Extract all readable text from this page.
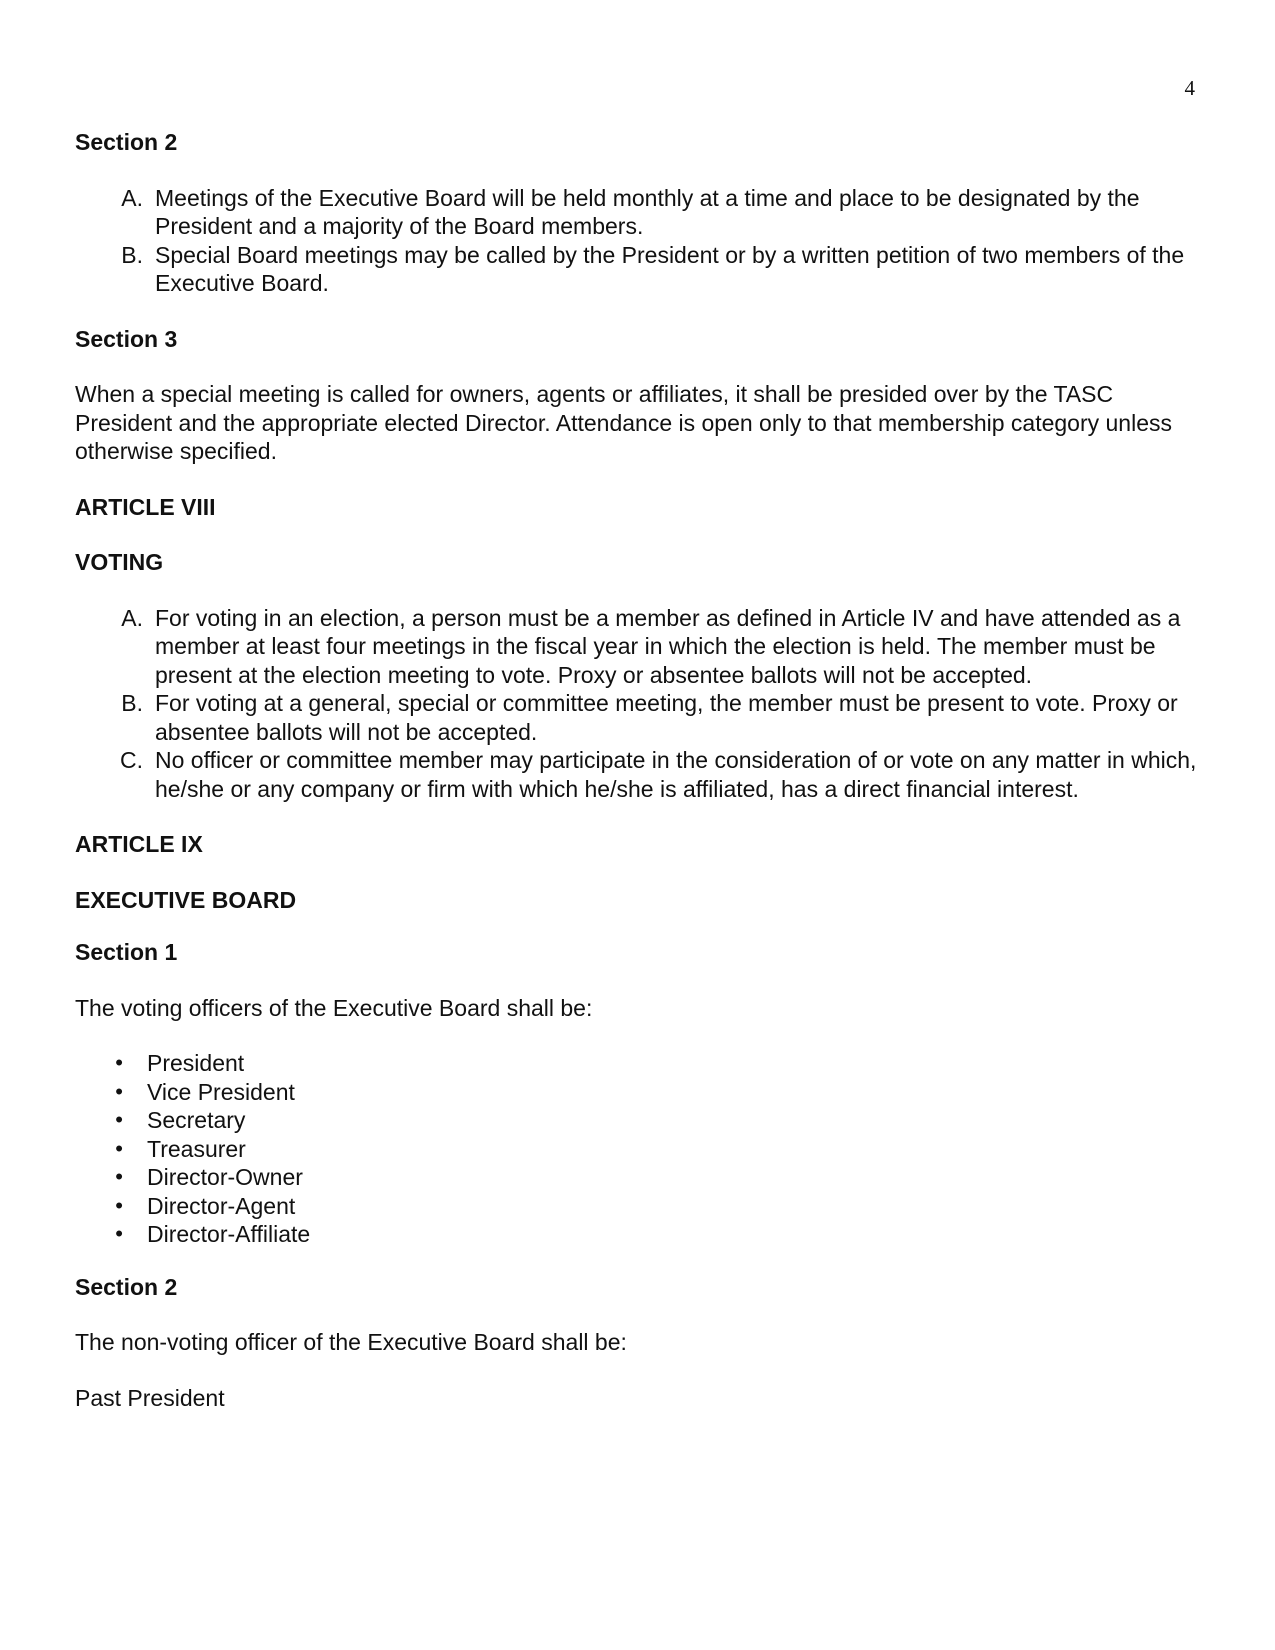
4

Section 2

A. Meetings of the Executive Board will be held monthly at a time and place to be designated by the President and a majority of the Board members.
B. Special Board meetings may be called by the President or by a written petition of two members of the Executive Board.

Section 3

When a special meeting is called for owners, agents or affiliates, it shall be presided over by the TASC President and the appropriate elected Director. Attendance is open only to that membership category unless otherwise specified.

ARTICLE VIII

VOTING

A. For voting in an election, a person must be a member as defined in Article IV and have attended as a member at least four meetings in the fiscal year in which the election is held. The member must be present at the election meeting to vote. Proxy or absentee ballots will not be accepted.
B. For voting at a general, special or committee meeting, the member must be present to vote. Proxy or absentee ballots will not be accepted.
C. No officer or committee member may participate in the consideration of or vote on any matter in which, he/she or any company or firm with which he/she is affiliated, has a direct financial interest.

ARTICLE IX

EXECUTIVE BOARD

Section 1

The voting officers of the Executive Board shall be:

•	President
•	Vice President
•	Secretary
•	Treasurer
•	Director-Owner
•	Director-Agent
•	Director-Affiliate

Section 2

The non-voting officer of the Executive Board shall be:

Past President
